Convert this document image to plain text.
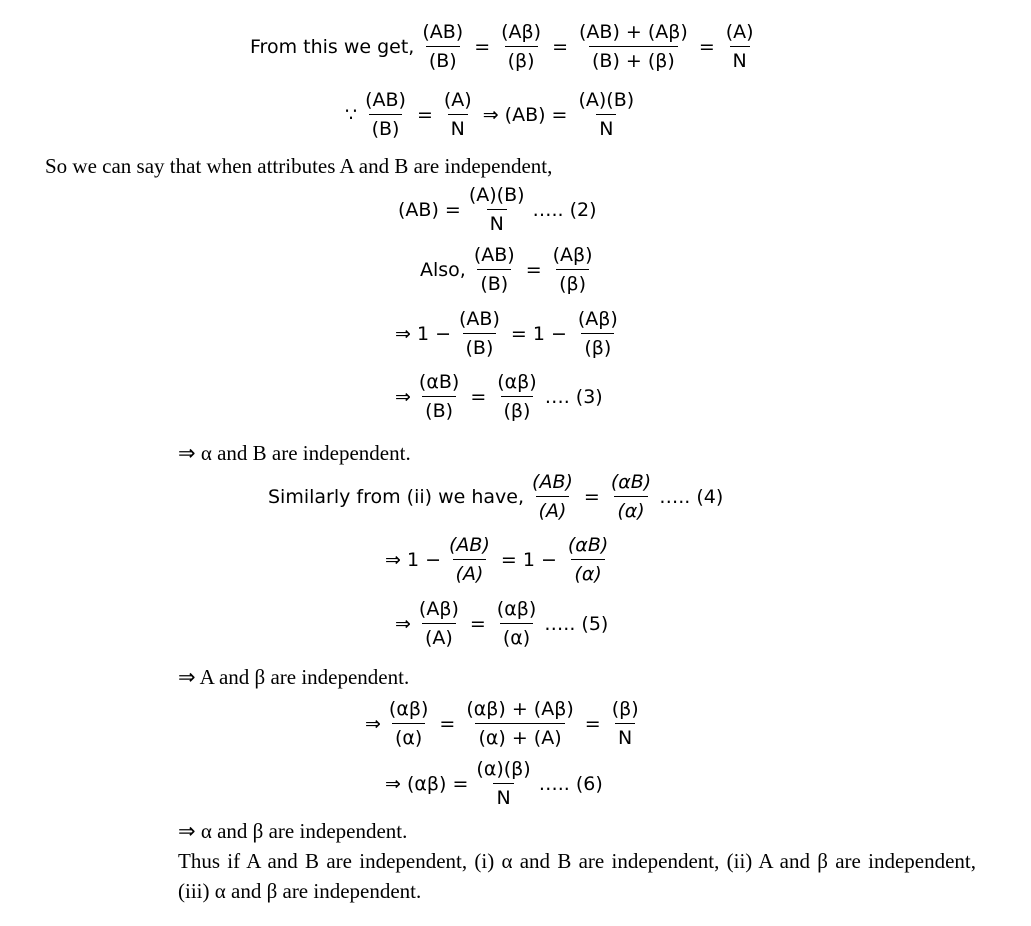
From this we get, $\frac{(AB)}{(B)} = \frac{(A\beta)}{(\beta)} = \frac{(AB) + (A\beta)}{(B) + (\beta)} = \frac{(A)}{N}$
∵ $\frac{(AB)}{(B)} = \frac{(A)}{N}$ ⇒ $(AB) = \frac{(A)(B)}{N}$
So we can say that when attributes A and B are independent,
$(AB) = \frac{(A)(B)}{N}$ ….. (2)
Also, $\frac{(AB)}{(B)} = \frac{(A\beta)}{(\beta)}$
⇒ $1 - \frac{(AB)}{(B)} = 1 - \frac{(A\beta)}{(\beta)}$
⇒ $\frac{(\alpha B)}{(B)} = \frac{(\alpha\beta)}{(\beta)}$ …. (3)
⇒ α and B are independent.
Similarly from (ii) we have, $\frac{(AB)}{(A)} = \frac{(\alpha B)}{(\alpha)}$ ….. (4)
⇒ $1 - \frac{(AB)}{(A)} = 1 - \frac{(\alpha B)}{(\alpha)}$
⇒ $\frac{(A\beta)}{(A)} = \frac{(\alpha\beta)}{(\alpha)}$ ….. (5)
⇒ A and β are independent.
⇒ $\frac{(\alpha\beta)}{(\alpha)} = \frac{(\alpha\beta) + (A\beta)}{(\alpha) + (A)} = \frac{(\beta)}{N}$
⇒ $(\alpha\beta) = \frac{(\alpha)(\beta)}{N}$ ….. (6)
⇒ α and β are independent.
Thus if A and B are independent, (i) α and B are independent, (ii) A and β are independent, (iii) α and β are independent.
